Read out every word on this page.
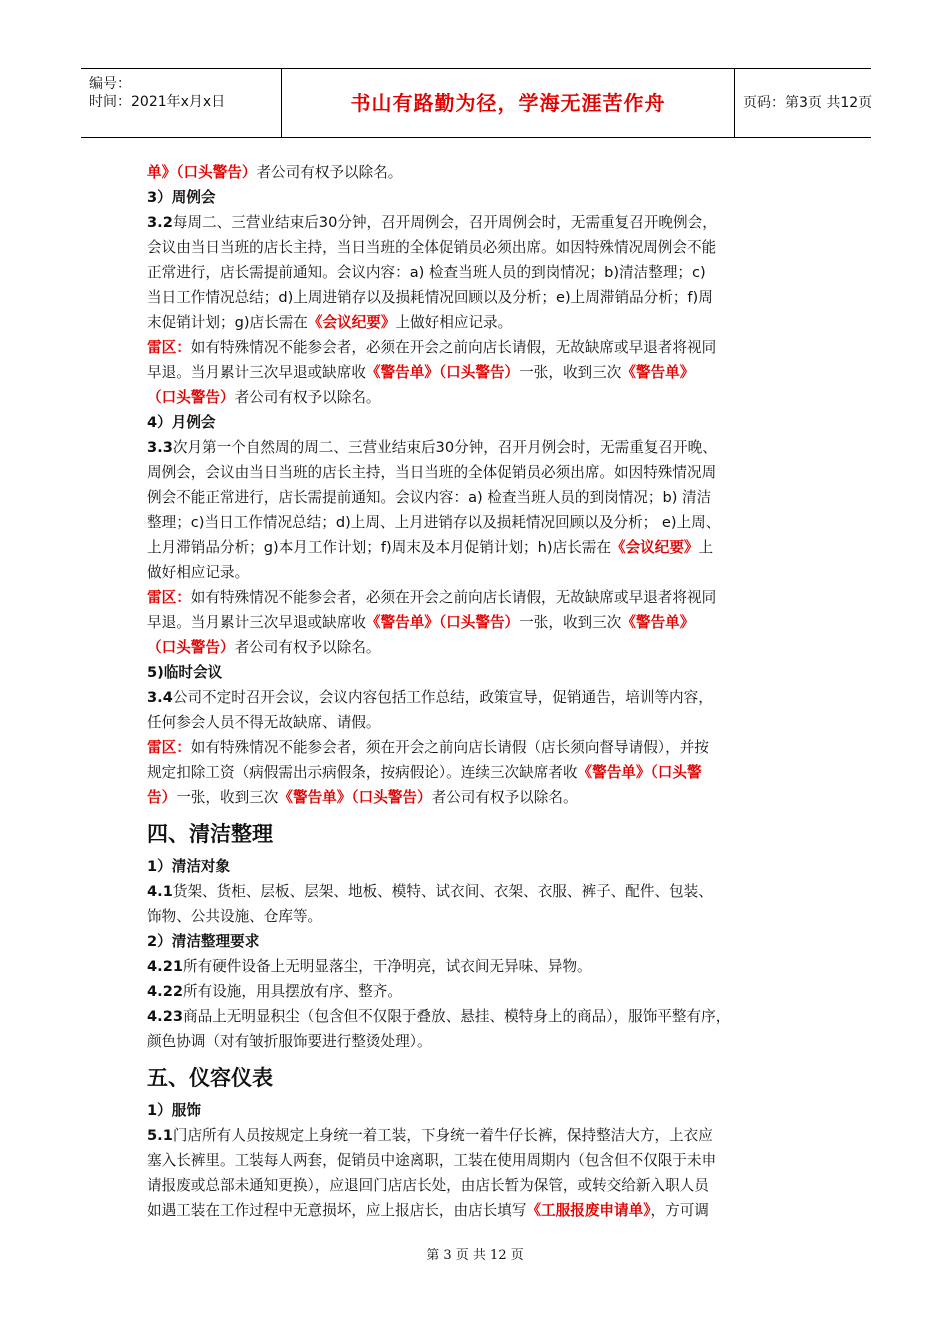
编号：
时间：2021年x月x日	书山有路勤为径，学海无涯苦作舟	页码：第3页 共12页

单》（口头警告）者公司有权予以除名。

3）周例会

3.2每周二、三营业结束后30分钟，召开周例会，召开周例会时，无需重复召开晚例会，

会议由当日当班的店长主持，当日当班的全体促销员必须出席。如因特殊情况周例会不能

正常进行，店长需提前通知。会议内容：a) 检查当班人员的到岗情况；b)清洁整理；c)

当日工作情况总结；d)上周进销存以及损耗情况回顾以及分析；e)上周滞销品分析；f)周

末促销计划；g)店长需在《会议纪要》上做好相应记录。

雷区：如有特殊情况不能参会者，必须在开会之前向店长请假，无故缺席或早退者将视同

早退。当月累计三次早退或缺席收《警告单》（口头警告）一张，收到三次《警告单》

（口头警告）者公司有权予以除名。

4）月例会

3.3次月第一个自然周的周二、三营业结束后30分钟，召开月例会时，无需重复召开晚、

周例会，会议由当日当班的店长主持，当日当班的全体促销员必须出席。如因特殊情况周

例会不能正常进行，店长需提前通知。会议内容：a) 检查当班人员的到岗情况；b) 清洁

整理；c)当日工作情况总结；d)上周、上月进销存以及损耗情况回顾以及分析； e)上周、

上月滞销品分析；g)本月工作计划；f)周末及本月促销计划；h)店长需在《会议纪要》上

做好相应记录。

雷区：如有特殊情况不能参会者，必须在开会之前向店长请假，无故缺席或早退者将视同

早退。当月累计三次早退或缺席收《警告单》（口头警告）一张，收到三次《警告单》

（口头警告）者公司有权予以除名。

5)临时会议

3.4公司不定时召开会议，会议内容包括工作总结，政策宣导，促销通告，培训等内容，

任何参会人员不得无故缺席、请假。

雷区：如有特殊情况不能参会者，须在开会之前向店长请假（店长须向督导请假），并按

规定扣除工资（病假需出示病假条，按病假论）。连续三次缺席者收《警告单》（口头警

告）一张，收到三次《警告单》（口头警告）者公司有权予以除名。

四、清洁整理

1）清洁对象

4.1货架、货柜、层板、层架、地板、模特、试衣间、衣架、衣服、裤子、配件、包装、

饰物、公共设施、仓库等。

2）清洁整理要求

4.21所有硬件设备上无明显落尘，干净明亮，试衣间无异味、异物。

4.22所有设施，用具摆放有序、整齐。

4.23商品上无明显积尘（包含但不仅限于叠放、悬挂、模特身上的商品），服饰平整有序，

颜色协调（对有皱折服饰要进行整烫处理）。

五、仪容仪表

1）服饰

5.1门店所有人员按规定上身统一着工装，下身统一着牛仔长裤，保持整洁大方，上衣应

塞入长裤里。工装每人两套，促销员中途离职，工装在使用周期内（包含但不仅限于未申

请报废或总部未通知更换），应退回门店店长处，由店长暂为保管，或转交给新入职人员

如遇工装在工作过程中无意损坏，应上报店长，由店长填写《工服报废申请单》，方可调

第 3 页 共 12 页
